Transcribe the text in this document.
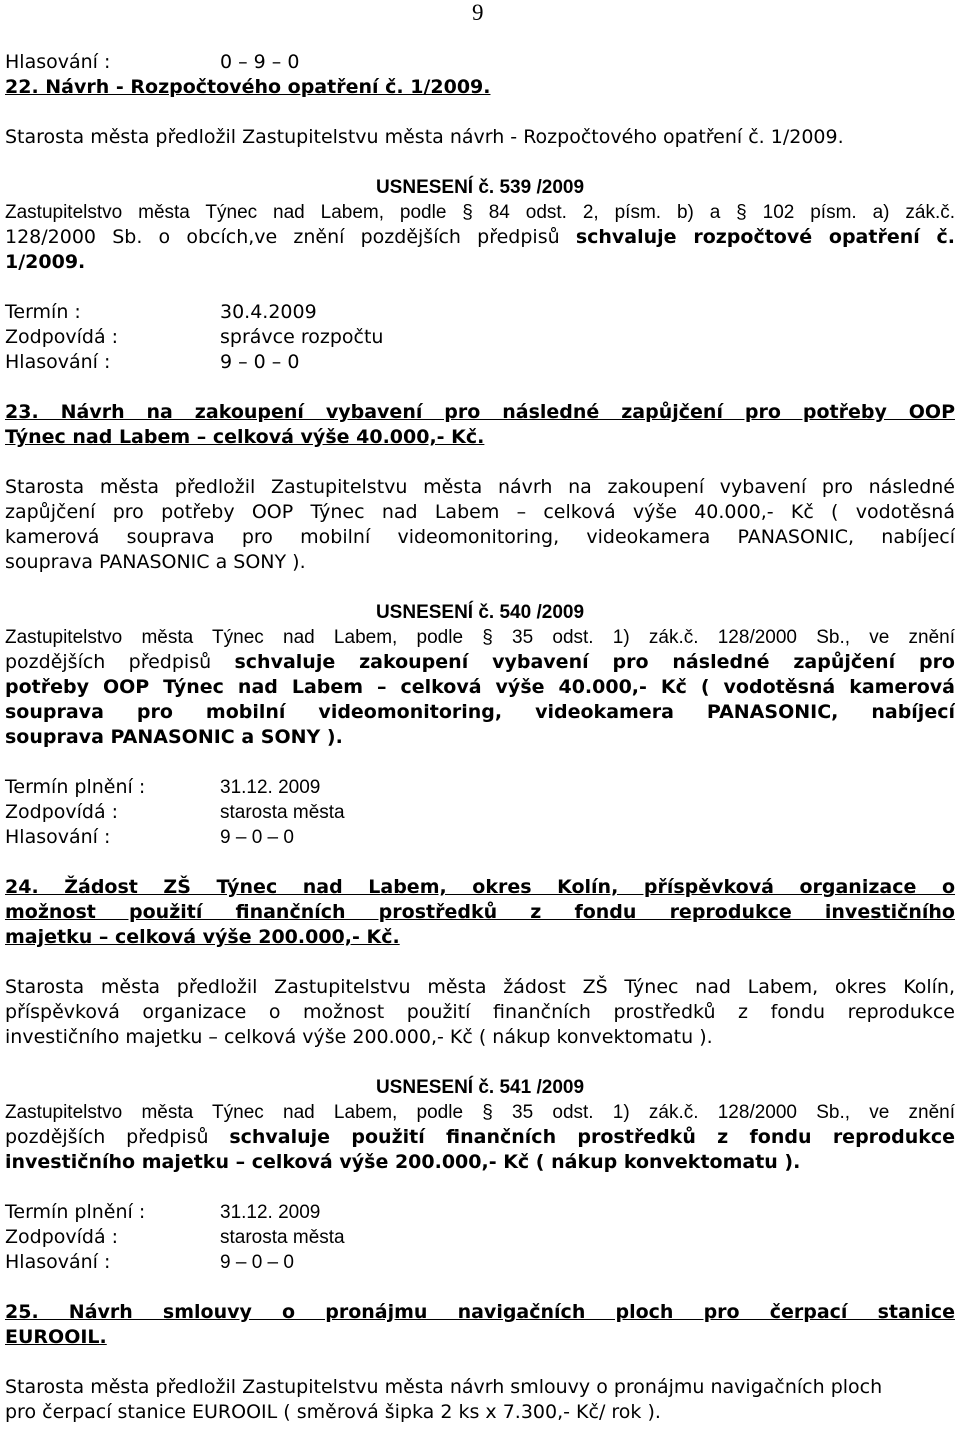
9
Hlasování :	0 – 9 – 0
22. Návrh - Rozpočtového opatření č. 1/2009.
Starosta města předložil Zastupitelstvu města návrh - Rozpočtového opatření č. 1/2009.
USNESENÍ č. 539 /2009
Zastupitelstvo města Týnec nad Labem, podle § 84 odst. 2, písm. b) a § 102 písm. a) zák.č.
128/2000 Sb. o obcích,ve znění pozdějších předpisů schvaluje rozpočtové opatření č.
1/2009.
Termín :	30.4.2009
Zodpovídá :	správce rozpočtu
Hlasování :	9 – 0 – 0
23. Návrh na zakoupení vybavení pro následné zapůjčení pro potřeby OOP
Týnec nad Labem – celková výše 40.000,- Kč.
Starosta města předložil Zastupitelstvu města návrh na zakoupení vybavení pro následné
zapůjčení pro potřeby OOP Týnec nad Labem – celková výše 40.000,- Kč ( vodotěsná
kamerová souprava pro mobilní videomonitoring, videokamera PANASONIC, nabíjecí
souprava PANASONIC a SONY ).
USNESENÍ č. 540 /2009
Zastupitelstvo města Týnec nad Labem, podle § 35 odst. 1) zák.č. 128/2000 Sb., ve znění
pozdějších předpisů schvaluje zakoupení vybavení pro následné zapůjčení pro
potřeby OOP Týnec nad Labem – celková výše 40.000,- Kč ( vodotěsná kamerová
souprava pro mobilní videomonitoring, videokamera PANASONIC, nabíjecí
souprava PANASONIC a SONY ).
Termín plnění :	31.12. 2009
Zodpovídá :	starosta města
Hlasování :	9 – 0 – 0
24. Žádost ZŠ Týnec nad Labem, okres Kolín, příspěvková organizace o
možnost použití finančních prostředků z fondu reprodukce investičního
majetku – celková výše 200.000,- Kč.
Starosta města předložil Zastupitelstvu města žádost ZŠ Týnec nad Labem, okres Kolín,
příspěvková organizace o možnost použití finančních prostředků z fondu reprodukce
investičního majetku – celková výše 200.000,- Kč ( nákup konvektomatu ).
USNESENÍ č. 541 /2009
Zastupitelstvo města Týnec nad Labem, podle § 35 odst. 1) zák.č. 128/2000 Sb., ve znění
pozdějších předpisů schvaluje použití finančních prostředků z fondu reprodukce
investičního majetku – celková výše 200.000,- Kč ( nákup konvektomatu ).
Termín plnění :	31.12. 2009
Zodpovídá :	starosta města
Hlasování :	9 – 0 – 0
25. Návrh smlouvy o pronájmu navigačních ploch pro čerpací stanice
EUROOIL.
Starosta města předložil Zastupitelstvu města návrh smlouvy o pronájmu navigačních ploch
pro čerpací stanice EUROOIL ( směrová šipka 2 ks x 7.300,- Kč/ rok ).
